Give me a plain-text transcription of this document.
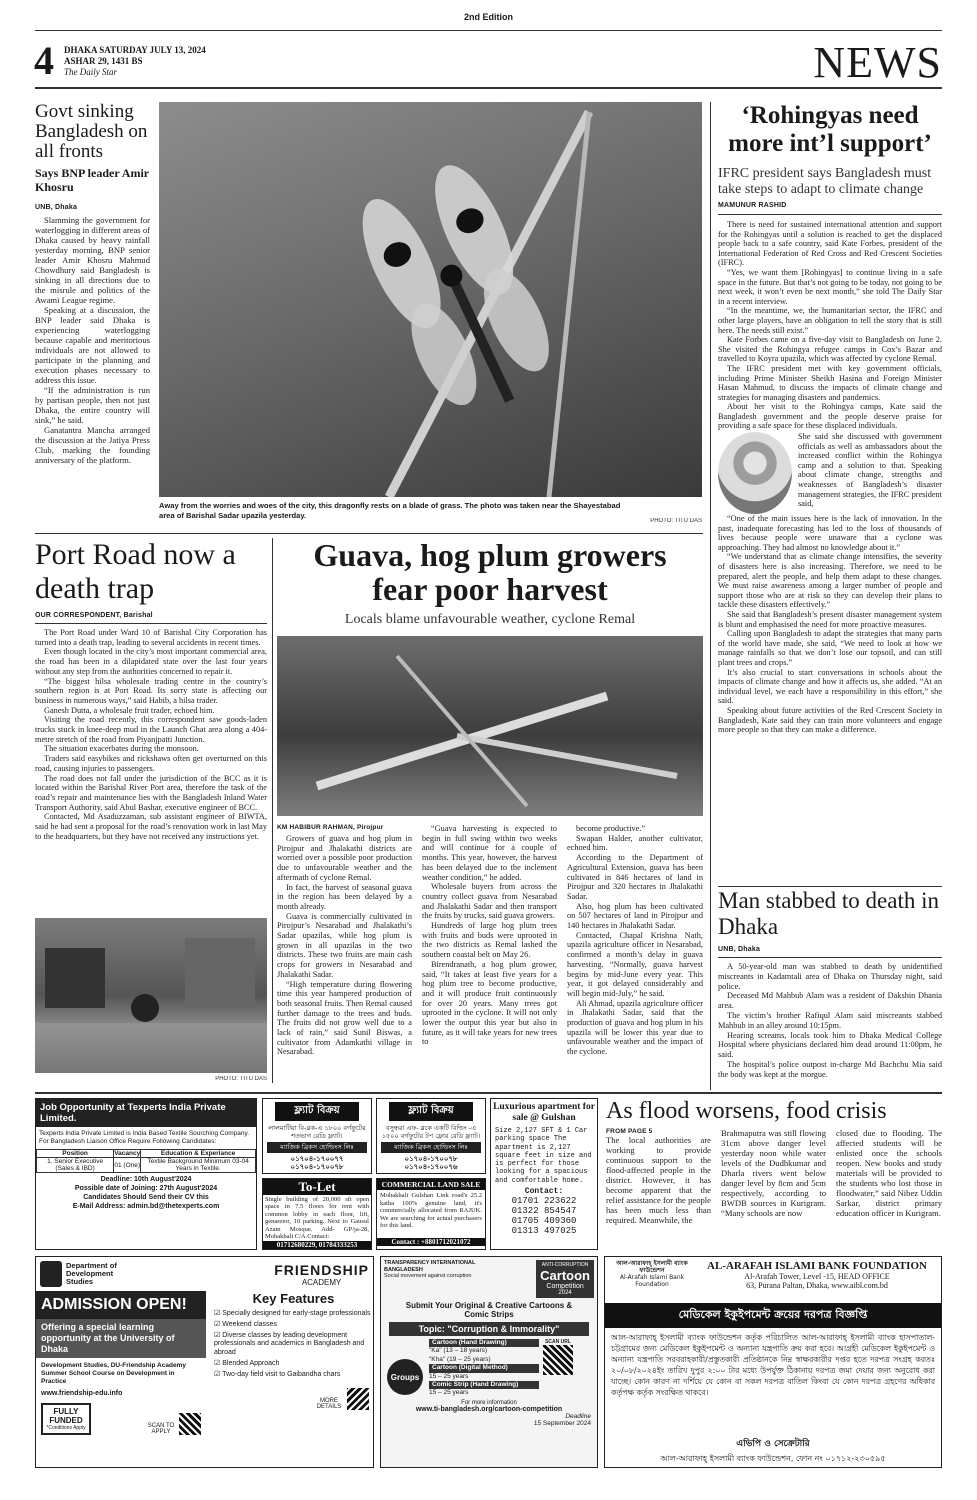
2nd Edition
4 DHAKA SATURDAY JULY 13, 2024
ASHAR 29, 1431 BS
The Daily Star	NEWS
Govt sinking Bangladesh on all fronts
Says BNP leader Amir Khosru
UNB, Dhaka

Slamming the government for waterlogging in different areas of Dhaka caused by heavy rainfall yesterday morning, BNP senior leader Amir Khosru Mahmud Chowdhury said Bangladesh is sinking in all directions due to the misrule and politics of the Awami League regime.

Speaking at a discussion, the BNP leader said Dhaka is experiencing waterlogging because capable and meritorious individuals are not allowed to participate in the planning and execution phases necessary to address this issue.

“If the administration is run by partisan people, then not just Dhaka, the entire country will sink,” he said.

Ganatantra Mancha arranged the discussion at the Jatiya Press Club, marking the founding anniversary of the platform.

Away from the worries and woes of the city, this dragonfly rests on a blade of grass. The photo was taken near the Shayestabad area of Barishal Sadar upazila yesterday.
PHOTO: TITU DAS
‘Rohingyas need more int’l support’
IFRC president says Bangladesh must take steps to adapt to climate change
MAMUNUR RASHID

There is need for sustained international attention and support for the Rohingyas until a solution is reached to get the displaced people back to a safe country, said Kate Forbes, president of the International Federation of Red Cross and Red Crescent Societies (IFRC).

“Yes, we want them [Rohingyas] to continue living in a safe space in the future. But that’s not going to be today, not going to be next week, it won’t even be next month,” she told The Daily Star in a recent interview.

“In the meantime, we, the humanitarian sector, the IFRC and other large players, have an obligation to tell the story that is still here. The needs still exist.”

Kate Forbes came on a five-day visit to Bangladesh on June 2. She visited the Rohingya refugee camps in Cox’s Bazar and travelled to Koyra upazila, which was affected by cyclone Remal.

The IFRC president met with key government officials, including Prime Minister Sheikh Hasina and Foreign Minister Hasan Mahmud, to discuss the impacts of climate change and strategies for managing disasters and pandemics.

About her visit to the Rohingya camps, Kate said the Bangladesh government and the people deserve praise for providing a safe space for these displaced individuals.

She said she discussed with government officials as well as ambassadors about the increased conflict within the Rohingya camp and a solution to that. Speaking about climate change, strengths and weaknesses of Bangladesh’s disaster management strategies, the IFRC president said,

“One of the main issues here is the lack of innovation. In the past, inadequate forecasting has led to the loss of thousands of lives because people were unaware that a cyclone was approaching. They had almost no knowledge about it.”

“We understand that as climate change intensifies, the severity of disasters here is also increasing. Therefore, we need to be prepared, alert the people, and help them adapt to these changes. We must raise awareness among a larger number of people and support those who are at risk so they can develop their plans to tackle these disasters effectively.”

She said that Bangladesh’s present disaster management system is blunt and emphasised the need for more proactive measures.

Calling upon Bangladesh to adapt the strategies that many parts of the world have made, she said, “We need to look at how we manage rainfalls so that we don’t lose our topsoil, and can still plant trees and crops.”

It’s also crucial to start conversations in schools about the impacts of climate change and how it affects us, she added. “At an individual level, we each have a responsibility in this effort,” she said.

Speaking about future activities of the Red Crescent Society in Bangladesh, Kate said they can train more volunteers and engage more people so that they can make a difference.

Man stabbed to death in Dhaka
UNB, Dhaka

A 50-year-old man was stabbed to death by unidentified miscreants in Kadamtali area of Dhaka on Thursday night, said police.

Deceased Md Mahbub Alam was a resident of Dakshin Dhania area.

The victim’s brother Rafiqul Alam said miscreants stabbed Mahbub in an alley around 10:15pm.

Hearing screams, locals took him to Dhaka Medical College Hospital where physicians declared him dead around 11:00pm, he said.

The hospital’s police outpost in-charge Md Bachchu Mia said the body was kept at the morgue.

Port Road now a death trap
OUR CORRESPONDENT, Barishal

The Port Road under Ward 10 of Barishal City Corporation has turned into a death trap, leading to several accidents in recent times.

Even though located in the city’s most important commercial area, the road has been in a dilapidated state over the last four years without any step from the authorities concerned to repair it.

“The biggest hilsa wholesale trading centre in the country’s southern region is at Port Road. Its sorry state is affecting our business in numerous ways,” said Habib, a hilsa trader.

Ganesh Dutta, a wholesale fruit trader, echoed him.

Visiting the road recently, this correspondent saw goods-laden trucks stuck in knee-deep mud in the Launch Ghat area along a 404-metre stretch of the road from Piyanjpatti Junction.

The situation exacerbates during the monsoon.

Traders said easybikes and rickshaws often get overturned on this road, causing injuries to passengers.

The road does not fall under the jurisdiction of the BCC as it is located within the Barishal River Port area, therefore the task of the road’s repair and maintenance lies with the Bangladesh Inland Water Transport Authority, said Abul Bashar, executive engineer of BCC.

Contacted, Md Asaduzzaman, sub assistant engineer of BIWTA, said he had sent a proposal for the road’s renovation work in last May to the headquarters, but they have not received any instructions yet.

PHOTO: TITU DAS
Guava, hog plum growers fear poor harvest
Locals blame unfavourable weather, cyclone Remal
KM HABIBUR RAHMAN, Pirojpur

Growers of guava and hog plum in Pirojpur and Jhalakathi districts are worried over a possible poor production due to unfavourable weather and the aftermath of cyclone Remal.

In fact, the harvest of seasonal guava in the region has been delayed by a month already.

Guava is commercially cultivated in Pirojpur’s Nesarabad and Jhalakathi’s Sadar upazilas, while hog plum is grown in all upazilas in the two districts. These two fruits are main cash crops for growers in Nesarabad and Jhalakathi Sadar.

“High temperature during flowering time this year hampered production of both seasonal fruits. Then Remal caused further damage to the trees and buds. The fruits did not grow well due to a lack of rain,” said Sunil Biswas, a cultivator from Adamkathi village in Nesarabad.

“Guava harvesting is expected to begin in full swing within two weeks and will continue for a couple of months. This year, however, the harvest has been delayed due to the inclement weather condition,” he added.

Wholesale buyers from across the country collect guava from Nesarabad and Jhalakathi Sadar and then transport the fruits by trucks, said guava growers.

Hundreds of large hog plum trees with fruits and buds were uprooted in the two districts as Remal lashed the southern coastal belt on May 26.

Birendranath, a hog plum grower, said, “It takes at least five years for a hog plum tree to become productive, and it will produce fruit continuously for over 20 years. Many trees got uprooted in the cyclone. It will not only lower the output this year but also in future, as it will take years for new trees to

become productive.”

Swapan Halder, another cultivator, echoed him.

According to the Department of Agricultural Extension, guava has been cultivated in 846 hectares of land in Pirojpur and 320 hectares in Jhalakathi Sadar.

Also, hog plum has been cultivated on 507 hectares of land in Pirojpur and 140 hectares in Jhalakathi Sadar.

Contacted, Chapal Krishna Nath, upazila agriculture officer in Nesarabad, confirmed a month’s delay in guava harvesting. “Normally, guava harvest begins by mid-June every year. This year, it got delayed considerably and will begin mid-July,” he said.

Ali Ahmad, upazila agriculture officer in Jhalakathi Sadar, said that the production of guava and hog plum in his upazila will be lower this year due to unfavourable weather and the impact of the cyclone.

Job Opportunity at Texperts India Private Limited.
Texperts India Private Limited is India Based Textile Sourching Company. For Bangladesh Liaison Office Require Following Candidates:
Position	Vacancy	Education & Experiance
1. Senior Executive (Sales & IBD)	01 (One)	Textile Background Minimum 03-04 Years in Textile.
Deadline: 10th August'2024
Possible date of Joining: 27th August'2024
Candidates Should Send their CV this
E-Mail Address: admin.bd@thetexperts.com
ফ্ল্যাট বিক্রয়
লালমাটিয়া বি-ব্লক-এ ১৮০০ বর্গফুটের শতভাগ রেডি ফ্ল্যাট।
ম্যাজিক ব্রিকস হোল্ডিংস লিঃ
০১৭০৪-১৭০০৭৭ ০১৭০৪-১৭০০৭৮
ফ্ল্যাট বিক্রয়
বসুন্ধরা এফ- ব্লকে একটি বিল্ডিং -এ ১৫০০ বর্গফুটের টপ ফ্লোর রেডি ফ্ল্যাট।
ম্যাজিক ব্রিকস হোল্ডিংস লিঃ
০১৭০৪-১৭০০৭৮ ০১৭০৪-১৭০০৭৬
To-Let
Single building of 20,000 sft open space in 7.5 floors for rent with common lobby in each floor, lift, genaretor, 10 parking. Next to Gausul Azam Mosque. Add- GP/ja-28, Mohakhali C/A.Contact:
01712680229, 01784333253
COMMERCIAL LAND SALE
Mohakhali Gulshan Link road's 25.2 katha 100% genuine land, it's commercially allocated from RAJUK. We are searching for actual purchasers for this land.
Contact : +8801712021072
Luxurious apartment for sale @ Gulshan
Size 2,127 SFT & 1 Car parking space The apartment is 2,127 square feet in size and is perfect for those looking for a spacious and comfortable home.
Contact:
01701 223622
01322 854547
01705 409360
01313 497025
As flood worsens, food crisis
FROM PAGE 5
The local authorities are working to provide continuous support to the flood-affected people in the district. However, it has become apparent that the relief assistance for the people has been much less than required. Meanwhile, the
Brahmaputra was still flowing 31cm above danger level yesterday noon while water levels of the Dudhkumar and Dharla rivers went below danger level by 8cm and 5cm respectively, according to BWDB sources in Kurigram. “Many schools are now
closed due to flooding. The affected students will be enlisted once the schools reopen. New books and study materials will be provided to the students who lost those in floodwater,” said Nibez Uddin Sarkar, district primary education officer in Kurigram.
Department of Development Studies
FRIENDSHIP
ACADEMY
ADMISSION OPEN!
Offering a special learning opportunity at the University of Dhaka
Development Studies, DU-Friendship Academy Summer School Course on Development in Practice
www.friendship-edu.info
FULLY FUNDED
*Conditions Apply	SCAN TO APPLY
Key Features
☑ Specially designed for early-stage professionals
☑ Weekend classes
☑ Diverse classes by leading development professionals and academics in Bangladesh and abroad
☑ Blended Approach
☑ Two-day field visit to Gaibandha chars
MORE DETAILS
TRANSPARENCY INTERNATIONAL BANGLADESH
Social movement against corruption
ANTI-CORRUPTION
Cartoon
Competition
2024
Submit Your Original & Creative Cartoons & Comic Strips
Topic: "Corruption & Immorality"
Groups
Cartoon (Hand Drawing)
"Ka" (13 – 18 years)
"Kha" (19 – 25 years)
Cartoon (Digital Method)
15 – 25 years
Comic Strip (Hand Drawing)
15 – 25 years
SCAN URL
For more information
www.ti-bangladesh.org/cartoon-competition
Deadline
15 September 2024
আল-আরাফাহ্ ইসলামী ব্যাংক ফাউন্ডেশন
Al-Arafah Islami Bank Foundation
AL-ARAFAH ISLAMI BANK FOUNDATION
Al-Arafah Tower, Level -15, HEAD OFFICE
63, Purana Paltan, Dhaka, www.aibl.com.bd
মেডিকেল ইকুইপমেন্ট ক্রয়ের দরপত্র বিজ্ঞপ্তি
আল-আরাফাহ্ ইসলামী ব্যাংক ফাউন্ডেশন কর্তৃক পরিচালিত আল-আরাফাহ্ ইসলামী ব্যাংক হাসপাতাল-চট্টগ্রামের জন্য মেডিকেল ইকুইপমেন্ট ও অন্যান্য যন্ত্রপাতি ক্রয় করা হবে। আগ্রহী মেডিকেল ইকুইপমেন্ট ও অন্যান্য যন্ত্রপাতি সরবরাহকারী/প্রস্তুতকারী প্রতিষ্ঠানকে নিম্ন স্বাক্ষরকারীর দপ্তর হতে দরপত্র সংগ্রহ করতঃ ২০/০৮/২০২৪ইং তারিখ দুপুর ২:০০ টার মধ্যে উপর্যুক্ত ঠিকানায় দরপত্র জমা দেয়ার জন্য অনুরোধ করা যাচ্ছে। কোন কারণ না দর্শিয়ে যে কোন বা সকল দরপত্র বাতিল কিংবা যে কোন দরপত্র গ্রহণের অধিকার কর্তৃপক্ষ কর্তৃক সংরক্ষিত থাকবে।
এভিপি ও সেক্রেটারি
আল-আরাফাহ্ ইসলামী ব্যাংক ফাউন্ডেশন, ফোন নং ০১৭১২-২৩০৫৯৫
